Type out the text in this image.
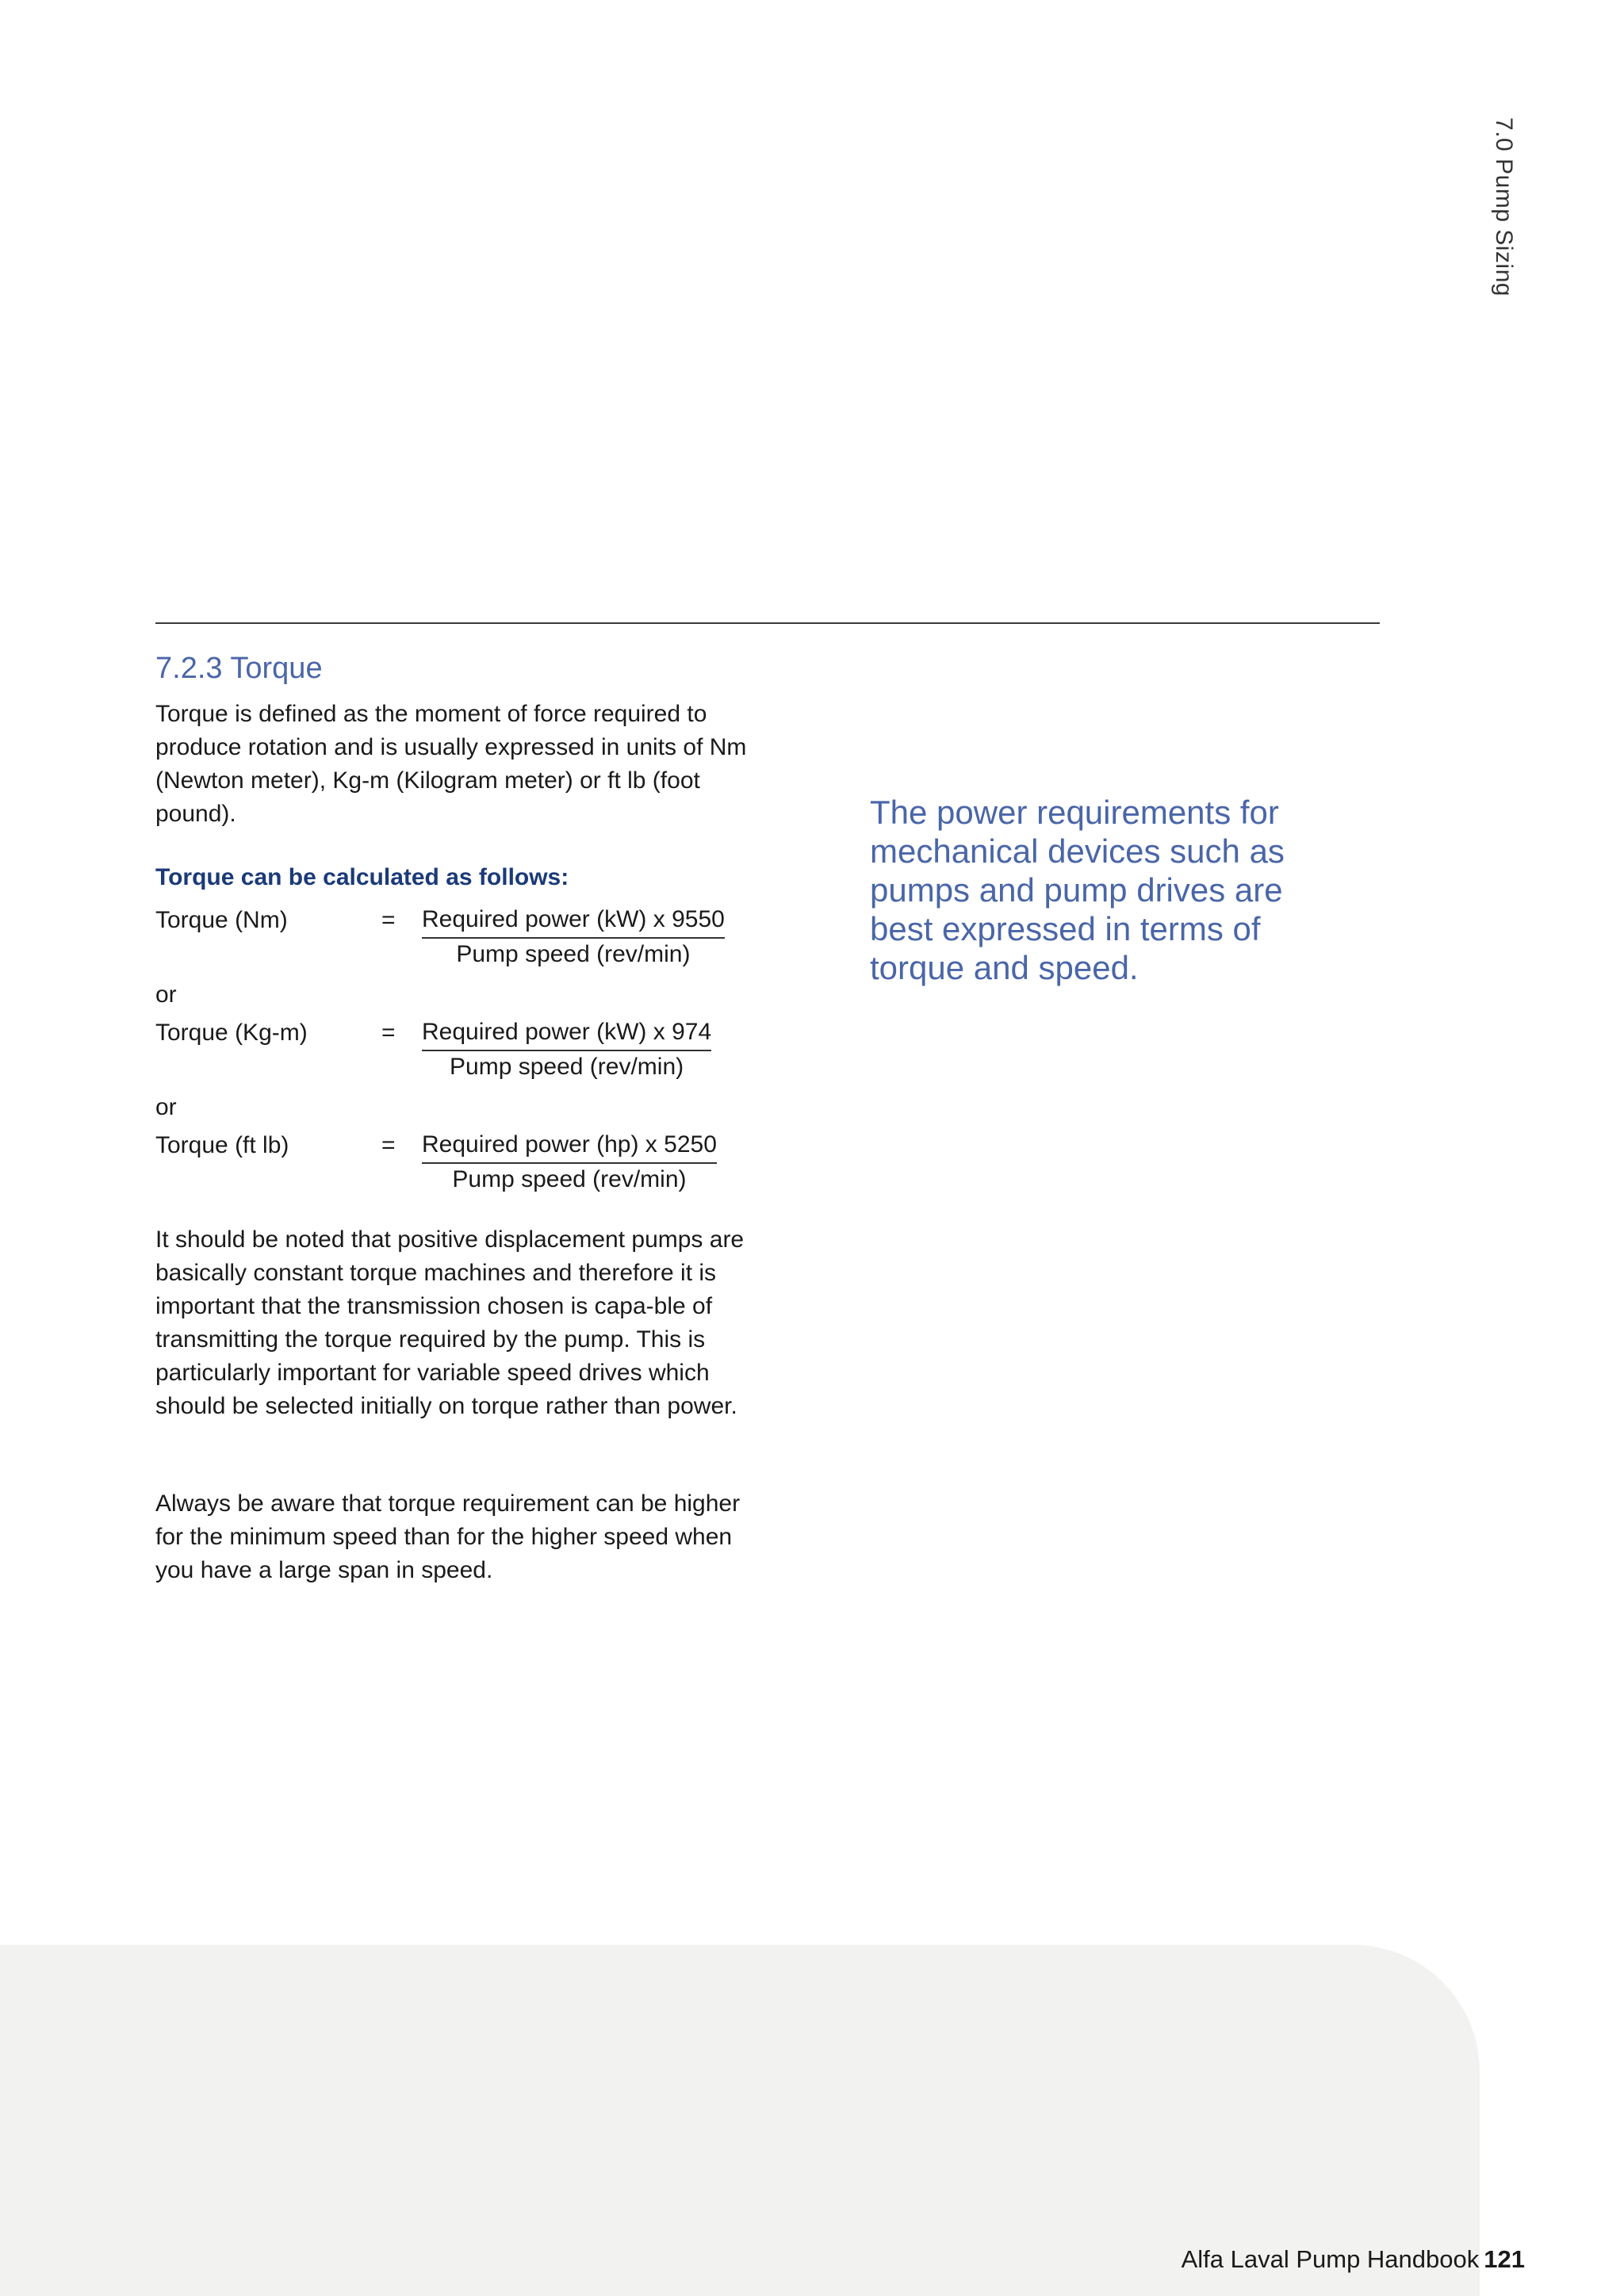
7.0 Pump Sizing
7.2.3 Torque

Torque is defined as the moment of force required to produce rotation and is usually expressed in units of Nm (Newton meter), Kg-m (Kilogram meter) or ft lb (foot pound).

Torque can be calculated as follows:

Torque (Nm)	= Required power (kW) x 9550
Pump speed (rev/min)
or
Torque (Kg-m)	= Required power (kW) x 974
Pump speed (rev/min)
or
Torque (ft lb)	= Required power (hp) x 5250
Pump speed (rev/min)

It should be noted that positive displacement pumps are basically constant torque machines and therefore it is important that the transmission chosen is capa-ble of transmitting the torque required by the pump. This is particularly important for variable speed drives which should be selected initially on torque rather than power.

Always be aware that torque requirement can be higher for the minimum speed than for the higher speed when you have a large span in speed.

The power requirements for mechanical devices such as pumps and pump drives are best expressed in terms of torque and speed.

Alfa Laval Pump Handbook 121
